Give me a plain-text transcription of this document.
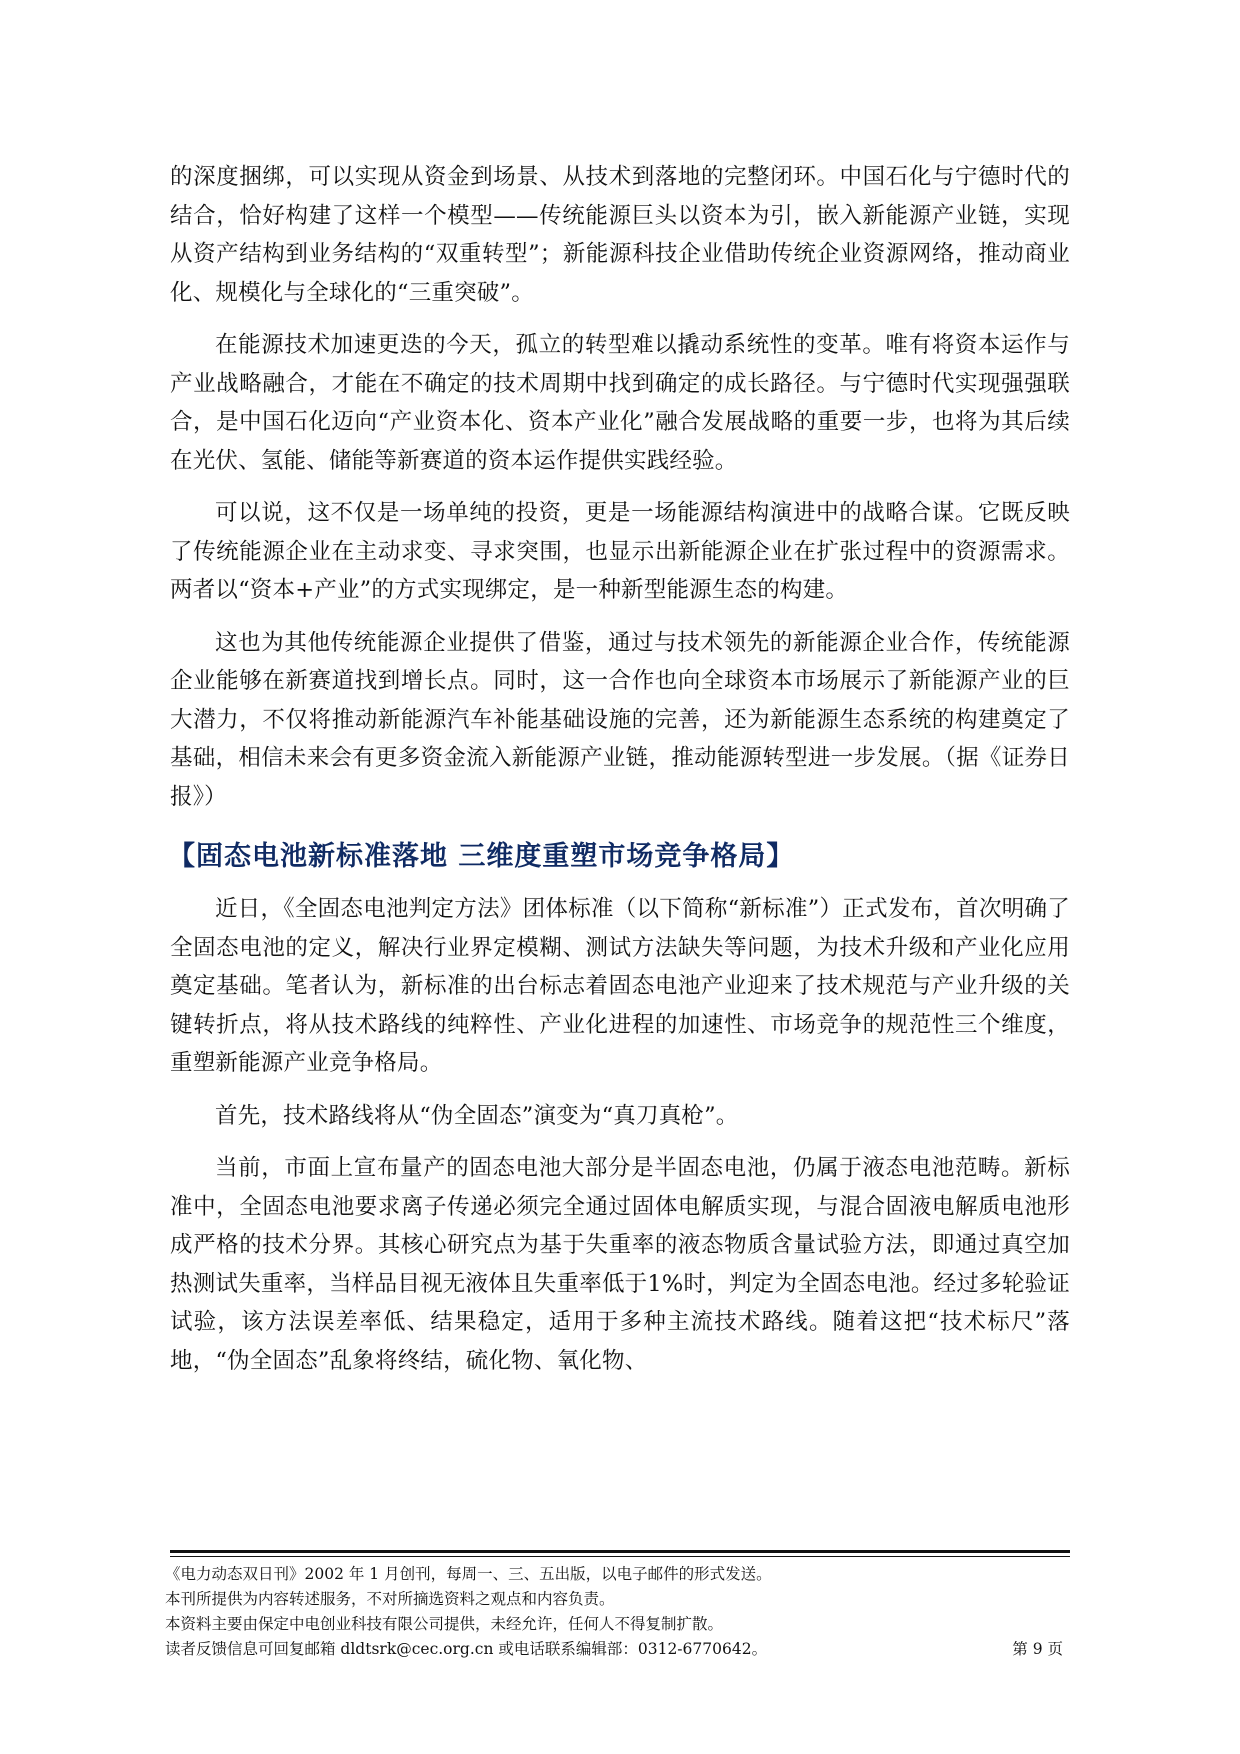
的深度捆绑，可以实现从资金到场景、从技术到落地的完整闭环。中国石化与宁德时代的结合，恰好构建了这样一个模型——传统能源巨头以资本为引，嵌入新能源产业链，实现从资产结构到业务结构的“双重转型”；新能源科技企业借助传统企业资源网络，推动商业化、规模化与全球化的“三重突破”。

在能源技术加速更迭的今天，孤立的转型难以撬动系统性的变革。唯有将资本运作与产业战略融合，才能在不确定的技术周期中找到确定的成长路径。与宁德时代实现强强联合，是中国石化迈向“产业资本化、资本产业化”融合发展战略的重要一步，也将为其后续在光伏、氢能、储能等新赛道的资本运作提供实践经验。

可以说，这不仅是一场单纯的投资，更是一场能源结构演进中的战略合谋。它既反映了传统能源企业在主动求变、寻求突围，也显示出新能源企业在扩张过程中的资源需求。两者以“资本+产业”的方式实现绑定，是一种新型能源生态的构建。

这也为其他传统能源企业提供了借鉴，通过与技术领先的新能源企业合作，传统能源企业能够在新赛道找到增长点。同时，这一合作也向全球资本市场展示了新能源产业的巨大潜力，不仅将推动新能源汽车补能基础设施的完善，还为新能源生态系统的构建奠定了基础，相信未来会有更多资金流入新能源产业链，推动能源转型进一步发展。（据《证券日报》）

【固态电池新标准落地 三维度重塑市场竞争格局】

近日，《全固态电池判定方法》团体标准（以下简称“新标准”）正式发布，首次明确了全固态电池的定义，解决行业界定模糊、测试方法缺失等问题，为技术升级和产业化应用奠定基础。笔者认为，新标准的出台标志着固态电池产业迎来了技术规范与产业升级的关键转折点，将从技术路线的纯粹性、产业化进程的加速性、市场竞争的规范性三个维度，重塑新能源产业竞争格局。

首先，技术路线将从“伪全固态”演变为“真刀真枪”。

当前，市面上宣布量产的固态电池大部分是半固态电池，仍属于液态电池范畴。新标准中，全固态电池要求离子传递必须完全通过固体电解质实现，与混合固液电解质电池形成严格的技术分界。其核心研究点为基于失重率的液态物质含量试验方法，即通过真空加热测试失重率，当样品目视无液体且失重率低于1%时，判定为全固态电池。经过多轮验证试验，该方法误差率低、结果稳定，适用于多种主流技术路线。随着这把“技术标尺”落地，“伪全固态”乱象将终结，硫化物、氧化物、

《电力动态双日刊》2002 年 1 月创刊，每周一、三、五出版，以电子邮件的形式发送。
本刊所提供为内容转述服务，不对所摘选资料之观点和内容负责。
本资料主要由保定中电创业科技有限公司提供，未经允许，任何人不得复制扩散。
读者反馈信息可回复邮箱 dldtsrk@cec.org.cn 或电话联系编辑部：0312-6770642。	第 9 页
